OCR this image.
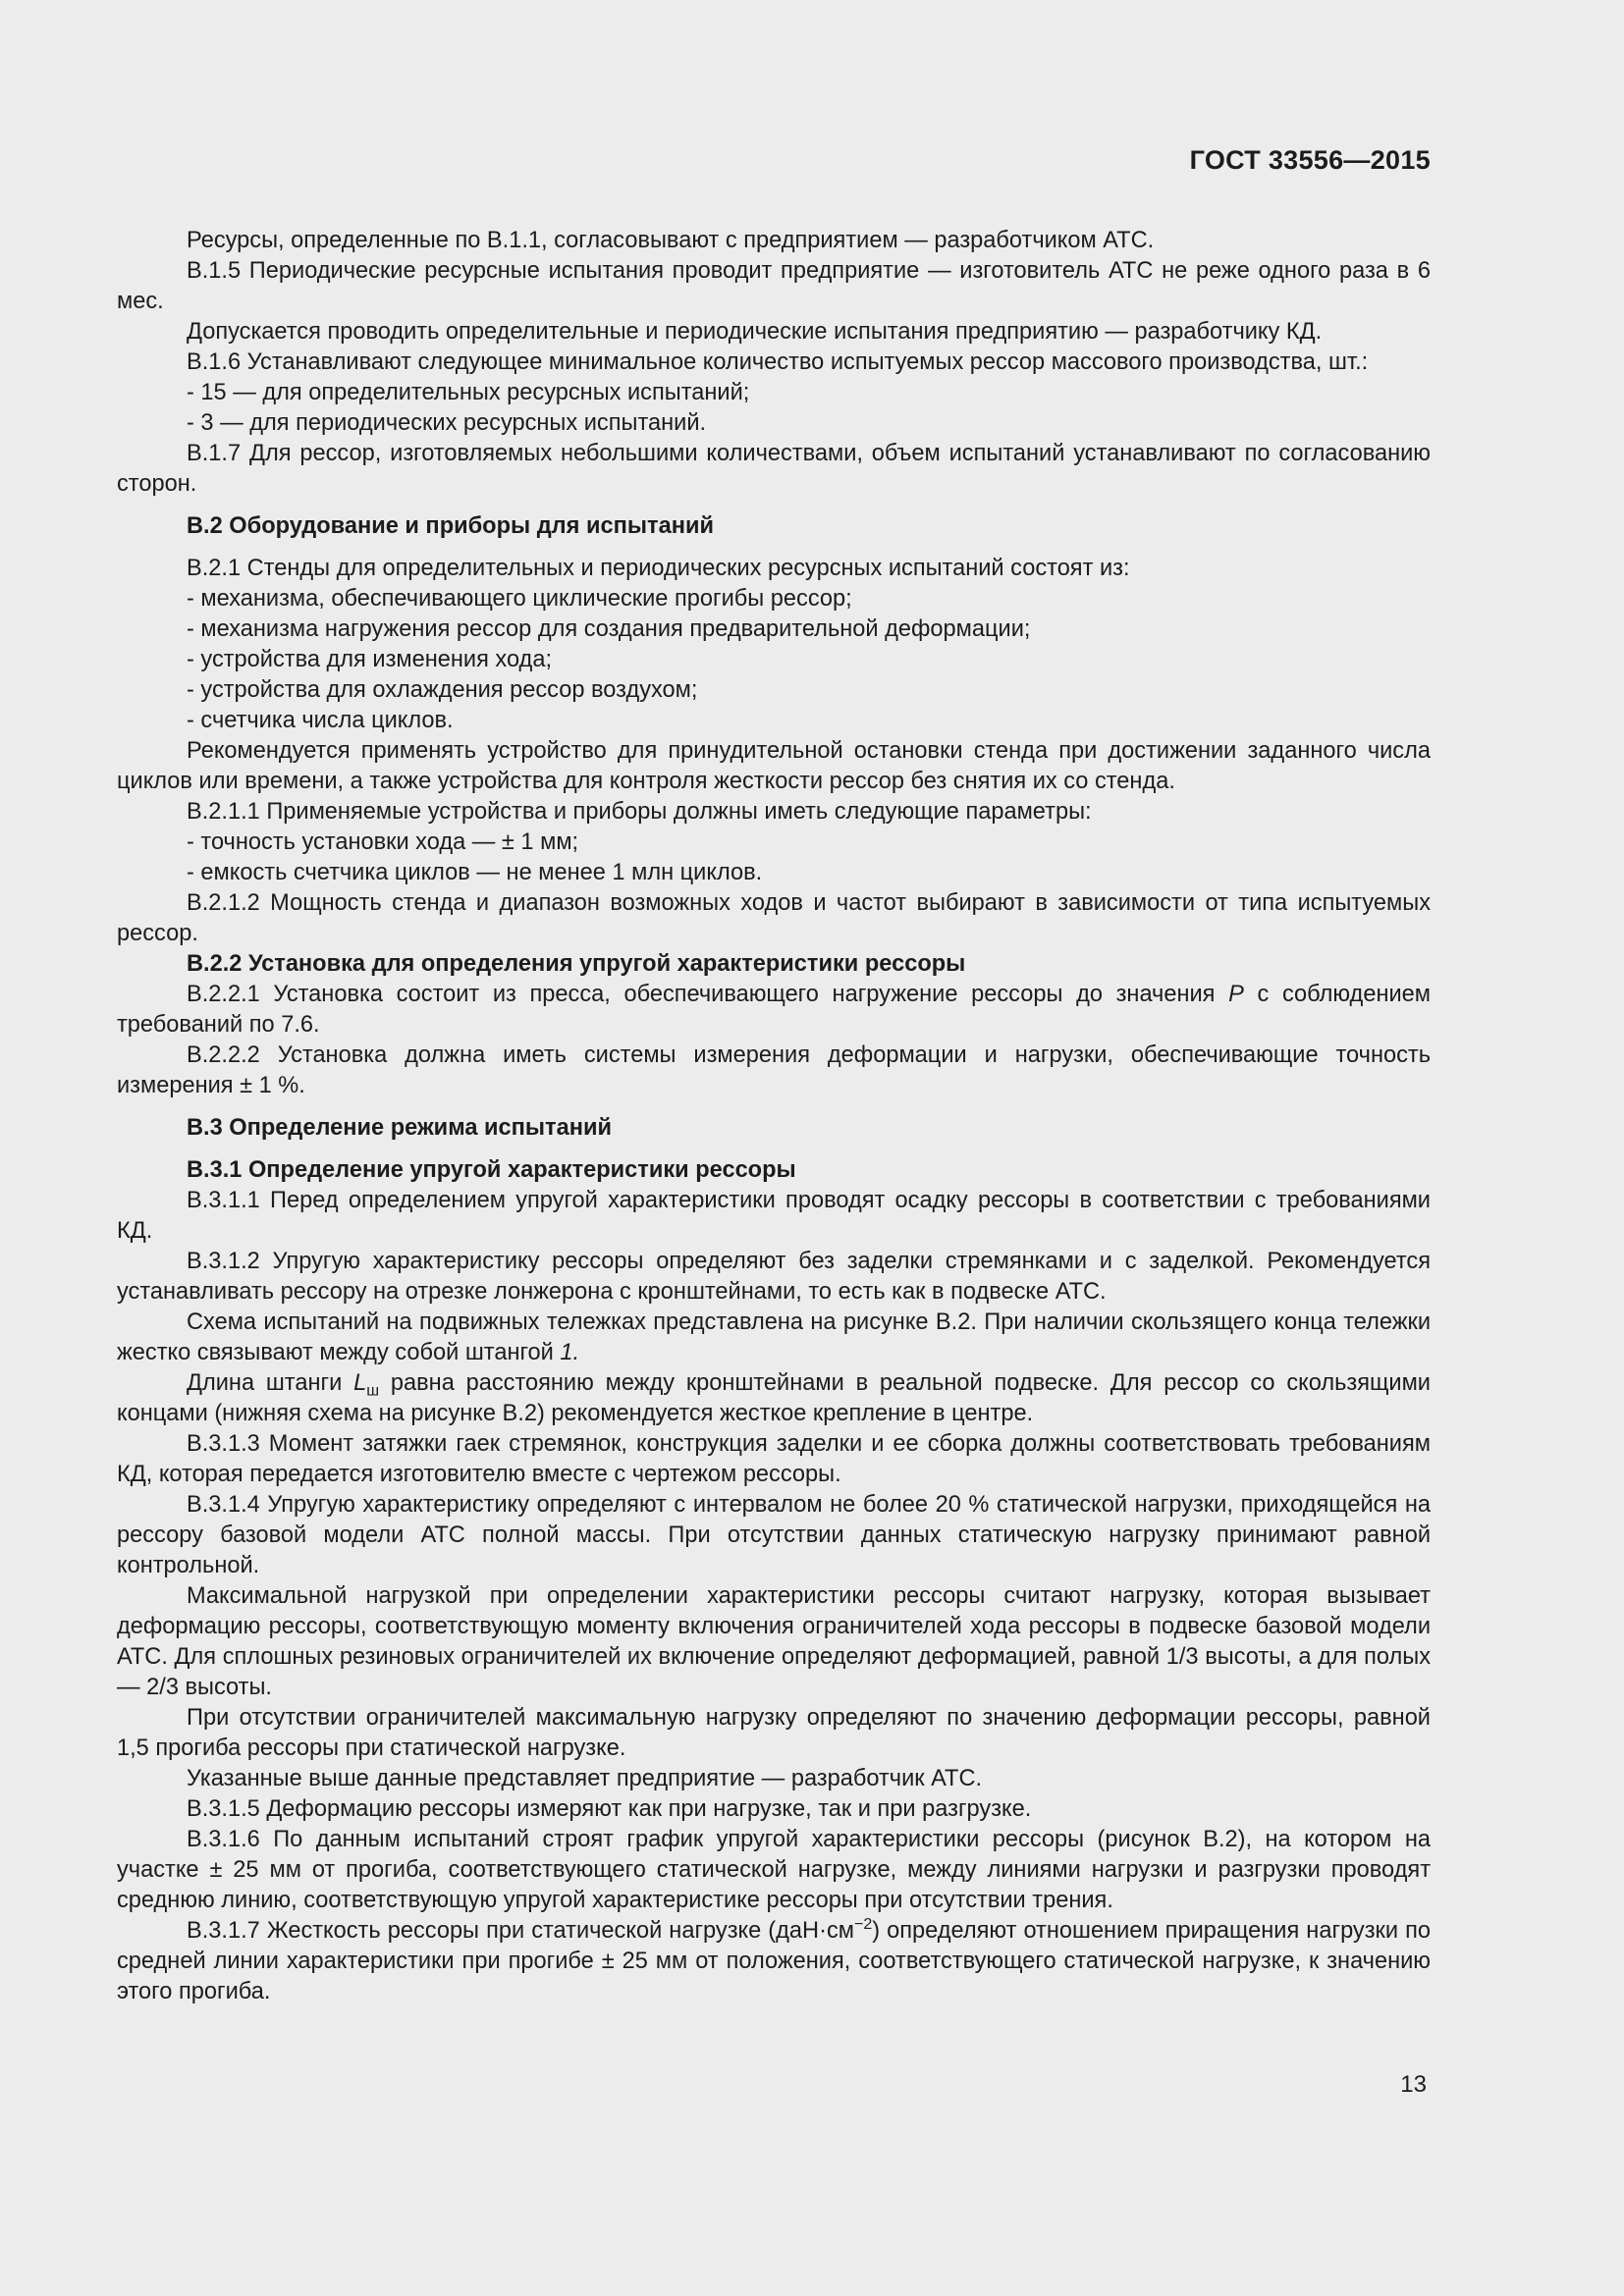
ГОСТ 33556—2015

Ресурсы, определенные по В.1.1, согласовывают с предприятием — разработчиком АТС.

В.1.5 Периодические ресурсные испытания проводит предприятие — изготовитель АТС не реже одного раза в 6 мес.

Допускается проводить определительные и периодические испытания предприятию — разработчику КД.

В.1.6 Устанавливают следующее минимальное количество испытуемых рессор массового производства, шт.:

- 15 — для определительных ресурсных испытаний;

- 3 — для периодических ресурсных испытаний.

В.1.7 Для рессор, изготовляемых небольшими количествами, объем испытаний устанавливают по согласованию сторон.

В.2 Оборудование и приборы для испытаний

В.2.1 Стенды для определительных и периодических ресурсных испытаний состоят из:

- механизма, обеспечивающего циклические прогибы рессор;

- механизма нагружения рессор для создания предварительной деформации;

- устройства для изменения хода;

- устройства для охлаждения рессор воздухом;

- счетчика числа циклов.

Рекомендуется применять устройство для принудительной остановки стенда при достижении заданного числа циклов или времени, а также устройства для контроля жесткости рессор без снятия их со стенда.

В.2.1.1 Применяемые устройства и приборы должны иметь следующие параметры:

- точность установки хода — ± 1 мм;

- емкость счетчика циклов — не менее 1 млн циклов.

В.2.1.2 Мощность стенда и диапазон возможных ходов и частот выбирают в зависимости от типа испытуемых рессор.

В.2.2 Установка для определения упругой характеристики рессоры

В.2.2.1 Установка состоит из пресса, обеспечивающего нагружение рессоры до значения P с соблюдением требований по 7.6.

В.2.2.2 Установка должна иметь системы измерения деформации и нагрузки, обеспечивающие точность измерения ± 1 %.

В.3 Определение режима испытаний

В.3.1 Определение упругой характеристики рессоры

В.3.1.1 Перед определением упругой характеристики проводят осадку рессоры в соответствии с требованиями КД.

В.3.1.2 Упругую характеристику рессоры определяют без заделки стремянками и с заделкой. Рекомендуется устанавливать рессору на отрезке лонжерона с кронштейнами, то есть как в подвеске АТС.

Схема испытаний на подвижных тележках представлена на рисунке В.2. При наличии скользящего конца тележки жестко связывают между собой штангой 1.

Длина штанги $L_ш$ равна расстоянию между кронштейнами в реальной подвеске. Для рессор со скользящими концами (нижняя схема на рисунке В.2) рекомендуется жесткое крепление в центре.

В.3.1.3 Момент затяжки гаек стремянок, конструкция заделки и ее сборка должны соответствовать требованиям КД, которая передается изготовителю вместе с чертежом рессоры.

В.3.1.4 Упругую характеристику определяют с интервалом не более 20 % статической нагрузки, приходящейся на рессору базовой модели АТС полной массы. При отсутствии данных статическую нагрузку принимают равной контрольной.

Максимальной нагрузкой при определении характеристики рессоры считают нагрузку, которая вызывает деформацию рессоры, соответствующую моменту включения ограничителей хода рессоры в подвеске базовой модели АТС. Для сплошных резиновых ограничителей их включение определяют деформацией, равной 1/3 высоты, а для полых — 2/3 высоты.

При отсутствии ограничителей максимальную нагрузку определяют по значению деформации рессоры, равной 1,5 прогиба рессоры при статической нагрузке.

Указанные выше данные представляет предприятие — разработчик АТС.

В.3.1.5 Деформацию рессоры измеряют как при нагрузке, так и при разгрузке.

В.3.1.6 По данным испытаний строят график упругой характеристики рессоры (рисунок В.2), на котором на участке ± 25 мм от прогиба, соответствующего статической нагрузке, между линиями нагрузки и разгрузки проводят среднюю линию, соответствующую упругой характеристике рессоры при отсутствии трения.

В.3.1.7 Жесткость рессоры при статической нагрузке $(даН\cdot см^{-2})$ определяют отношением приращения нагрузки по средней линии характеристики при прогибе ± 25 мм от положения, соответствующего статической нагрузке, к значению этого прогиба.

13
